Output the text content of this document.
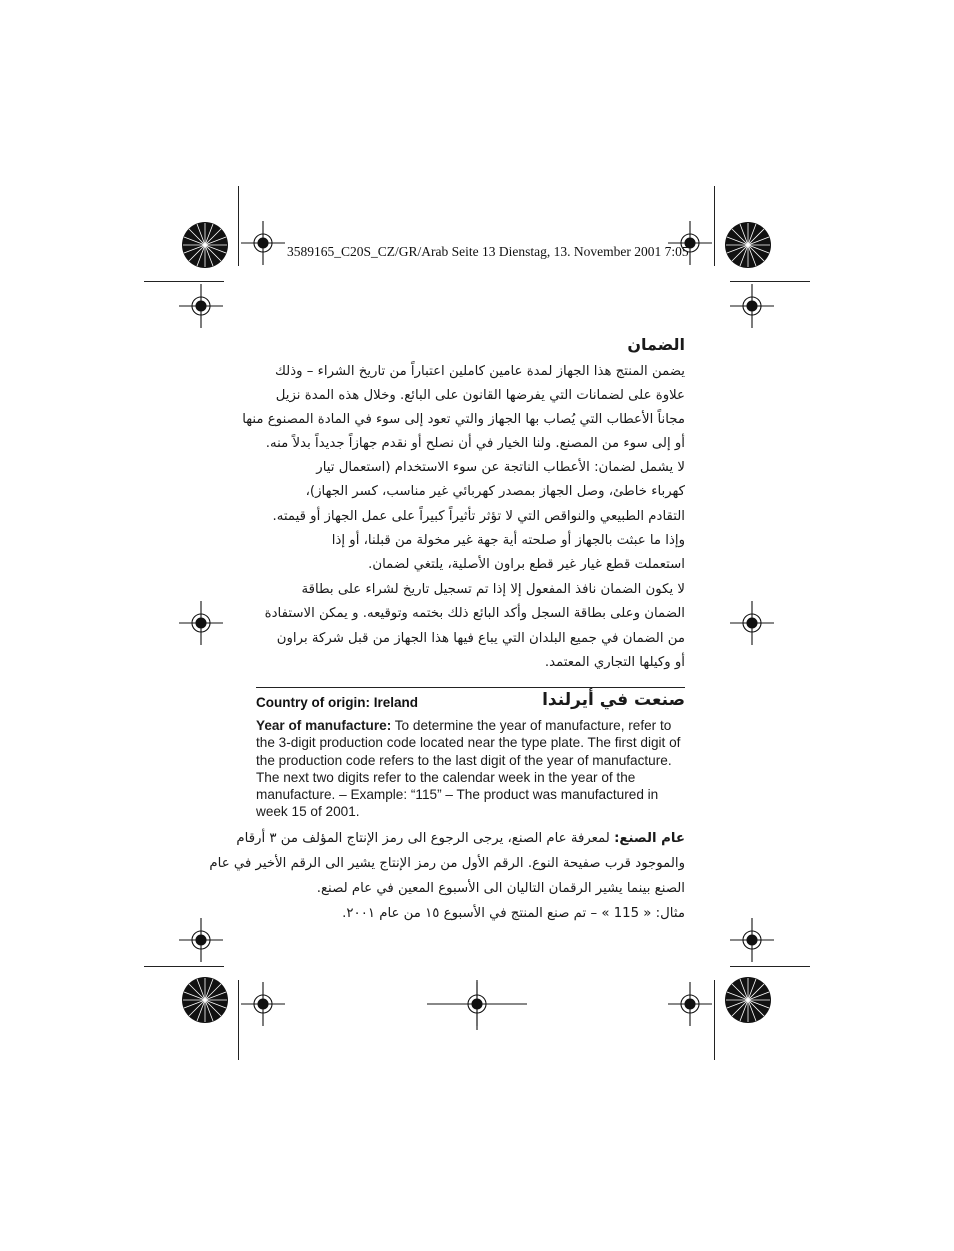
3589165_C20S_CZ/GR/Arab Seite 13 Dienstag, 13. November 2001 7:05
الضمان
يضمن المنتج هذا الجهاز لمدة عامين كاملين اعتباراً من تاريخ الشراء – وذلك
علاوة على لضمانات التي يفرضها القانون على البائع. وخلال هذه المدة نزيل
مجاناً الأعطاب التي يُصاب بها الجهاز والتي تعود إلى سوء في المادة المصنوع منها
أو إلى سوء من المصنع. ولنا الخيار في أن نصلح أو نقدم جهازاً جديداً بدلاً منه.
لا يشمل لضمان: الأعطاب الناتجة عن سوء الاستخدام (استعمال تيار
كهرباء خاطئ، وصل الجهاز بمصدر كهربائي غير مناسب، كسر الجهاز)،
التقادم الطبيعي والنواقص التي لا تؤثر تأثيراً كبيراً على عمل الجهاز أو قيمته.
وإذا ما عبثت بالجهاز أو صلحته أية جهة غير مخولة من قبلنا، أو إذا
استعملت قطع غيار غير قطع براون الأصلية، يلتغي لضمان.
لا يكون الضمان نافذ المفعول إلا إذا تم تسجيل تاريخ لشراء على بطاقة
الضمان وعلى بطاقة السجل وأكد البائع ذلك بختمه وتوقيعه. و يمكن الاستفادة
من الضمان في جميع البلدان التي يباع فيها هذا الجهاز من قبل شركة براون
أو وكيلها التجاري المعتمد.
Country of origin: Ireland	صنعت في أيرلندا
Year of manufacture: To determine the year of manufacture, refer to the 3-digit production code located near the type plate. The first digit of the production code refers to the last digit of the year of manufacture. The next two digits refer to the calendar week in the year of the manufacture. – Example: “115” – The product was manufactured in week 15 of 2001.
عام الصنع: لمعرفة عام الصنع، يرجى الرجوع الى رمز الإنتاج المؤلف من ٣ أرقام
والموجود قرب صفيحة النوع. الرقم الأول من رمز الإنتاج يشير الى الرقم الأخير في عام
الصنع بينما يشير الرقمان التاليان الى الأسبوع المعين في عام لصنع.
مثال: « 115 » – تم صنع المنتج في الأسبوع ١٥ من عام ٢٠٠١.
